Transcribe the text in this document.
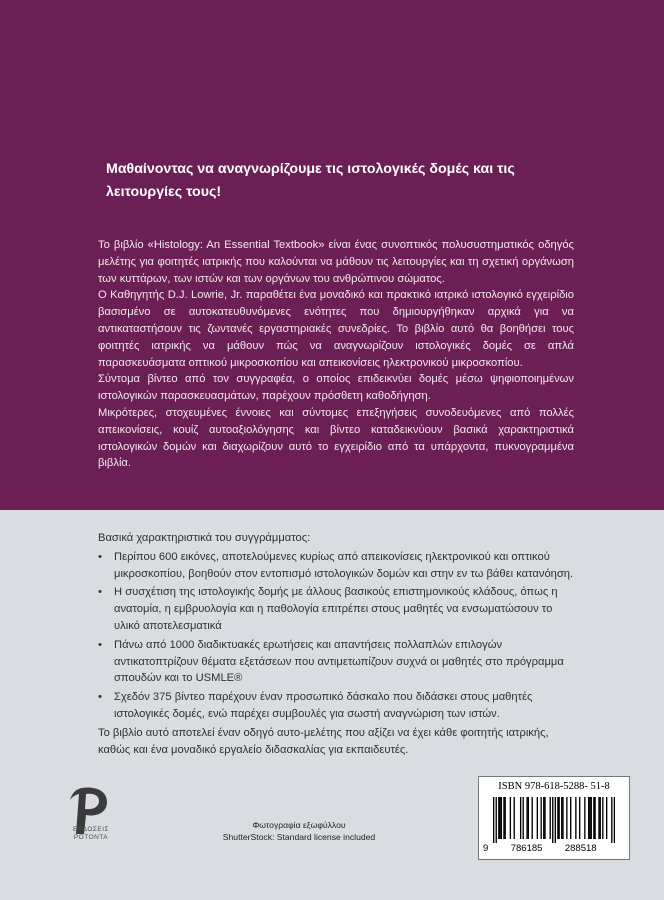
Μαθαίνοντας να αναγνωρίζουμε τις ιστολογικές δομές και τις
λειτουργίες τους!

Το βιβλίο «Histology: An Essential Textbook» είναι ένας συνοπτικός πολυσυστηματικός οδηγός μελέτης για φοιτητές ιατρικής που καλούνται να μάθουν τις λειτουργίες και τη σχετική οργάνωση των κυττάρων, των ιστών και των οργάνων του ανθρώπινου σώματος.

Ο Καθηγητής D.J. Lowrie, Jr. παραθέτει ένα μοναδικό και πρακτικό ιατρικό ιστολογικό εγχειρίδιο βασισμένο σε αυτοκατευθυνόμενες ενότητες που δημιουργήθηκαν αρχικά για να αντικαταστήσουν τις ζωντανές εργαστηριακές συνεδρίες. Το βιβλίο αυτό θα βοηθήσει τους φοιτητές ιατρικής να μάθουν πώς να αναγνωρίζουν ιστολογικές δομές σε απλά παρασκευάσματα οπτικού μικροσκοπίου και απεικονίσεις ηλεκτρονικού μικροσκοπίου.

Σύντομα βίντεο από τον συγγραφέα, ο οποίος επιδεικνύει δομές μέσω ψηφιοποιημένων ιστολογικών παρασκευασμάτων, παρέχουν πρόσθετη καθοδήγηση.

Μικρότερες, στοχευμένες έννοιες και σύντομες επεξηγήσεις συνοδευόμενες από πολλές απεικονίσεις, κουίζ αυτοαξιολόγησης και βίντεο καταδεικνύουν βασικά χαρακτηριστικά ιστολογικών δομών και διαχωρίζουν αυτό το εγχειρίδιο από τα υπάρχοντα, πυκνογραμμένα βιβλία.

Βασικά χαρακτηριστικά του συγγράμματος:

• Περίπου 600 εικόνες, αποτελούμενες κυρίως από απεικονίσεις ηλεκτρονικού και οπτικού μικροσκοπίου, βοηθούν στον εντοπισμό ιστολογικών δομών και στην εν τω βάθει κατανόηση.
• Η συσχέτιση της ιστολογικής δομής με άλλους βασικούς επιστημονικούς κλάδους, όπως η ανατομία, η εμβρυολογία και η παθολογία επιτρέπει στους μαθητές να ενσωματώσουν το υλικό αποτελεσματικά
• Πάνω από 1000 διαδικτυακές ερωτήσεις και απαντήσεις πολλαπλών επιλογών αντικατοπτρίζουν θέματα εξετάσεων που αντιμετωπίζουν συχνά οι μαθητές στο πρόγραμμα σπουδών και το USMLE®
• Σχεδόν 375 βίντεο παρέχουν έναν προσωπικό δάσκαλο που διδάσκει στους μαθητές ιστολογικές δομές, ενώ παρέχει συμβουλές για σωστή αναγνώριση των ιστών.

Το βιβλίο αυτό αποτελεί έναν οδηγό αυτο-μελέτης που αξίζει να έχει κάθε φοιτητής ιατρικής, καθώς και ένα μοναδικό εργαλείο διδασκαλίας για εκπαιδευτές.

ΕΚΔΟΣΕΙΣ
ΡΟΤΟΝΤΑ
Φωτογραφία εξωφύλλου
ShutterStock: Standard license included
ISBN 978-618-5288- 51-8
9 786185 288518
